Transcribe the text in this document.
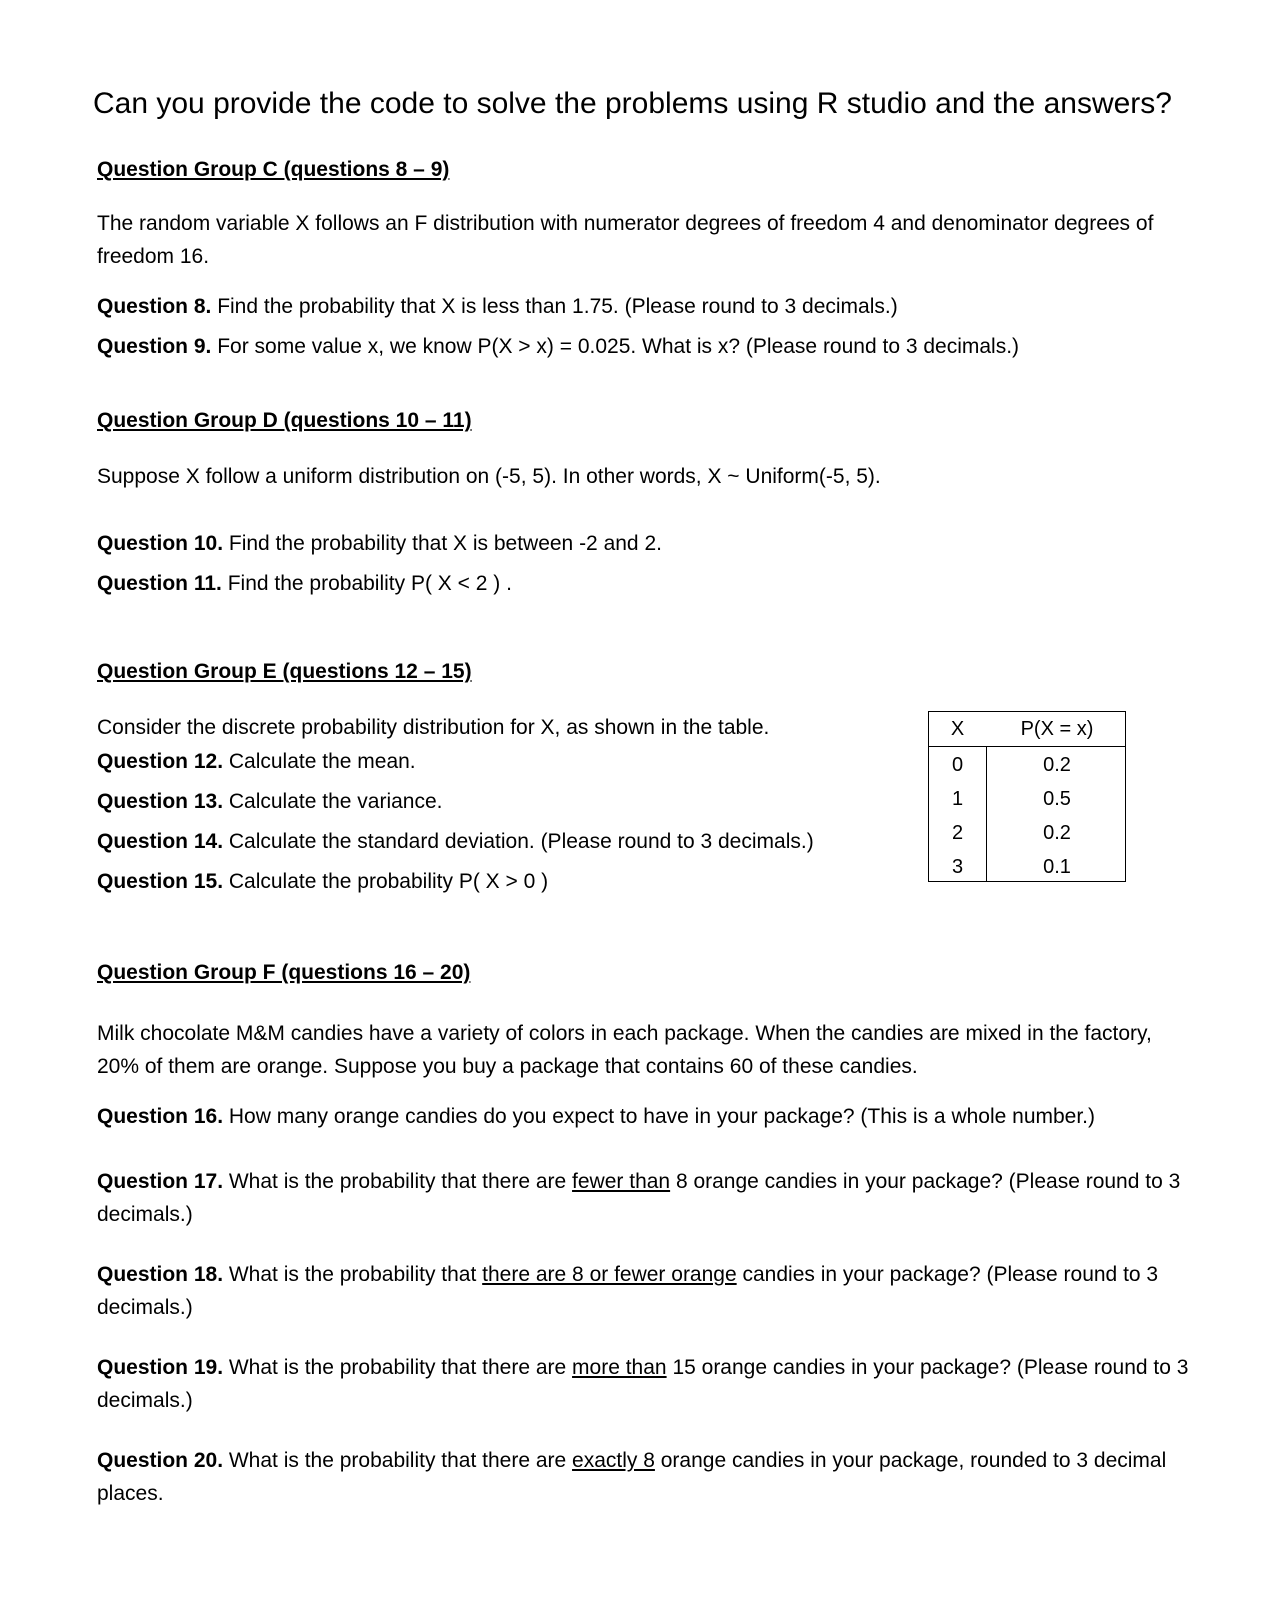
Can you provide the code to solve the problems using R studio and the answers?
Question Group C (questions 8 – 9)
The random variable X follows an F distribution with numerator degrees of freedom 4 and denominator degrees of freedom 16.
Question 8. Find the probability that X is less than 1.75. (Please round to 3 decimals.)
Question 9. For some value x, we know P(X > x) = 0.025. What is x? (Please round to 3 decimals.)
Question Group D (questions 10 – 11)
Suppose X follow a uniform distribution on (-5, 5). In other words, X ~ Uniform(-5, 5).
Question 10. Find the probability that X is between -2 and 2.
Question 11. Find the probability P( X < 2 ) .
Question Group E (questions 12 – 15)
Consider the discrete probability distribution for X, as shown in the table.
Question 12. Calculate the mean.
Question 13. Calculate the variance.
Question 14. Calculate the standard deviation. (Please round to 3 decimals.)
Question 15. Calculate the probability P( X > 0 )
X	P(X = x)
0	0.2
1	0.5
2	0.2
3	0.1
Question Group F (questions 16 – 20)
Milk chocolate M&M candies have a variety of colors in each package. When the candies are mixed in the factory, 20% of them are orange. Suppose you buy a package that contains 60 of these candies.
Question 16. How many orange candies do you expect to have in your package? (This is a whole number.)
Question 17. What is the probability that there are fewer than 8 orange candies in your package? (Please round to 3 decimals.)
Question 18. What is the probability that there are 8 or fewer orange candies in your package? (Please round to 3 decimals.)
Question 19. What is the probability that there are more than 15 orange candies in your package? (Please round to 3 decimals.)
Question 20. What is the probability that there are exactly 8 orange candies in your package, rounded to 3 decimal places.
